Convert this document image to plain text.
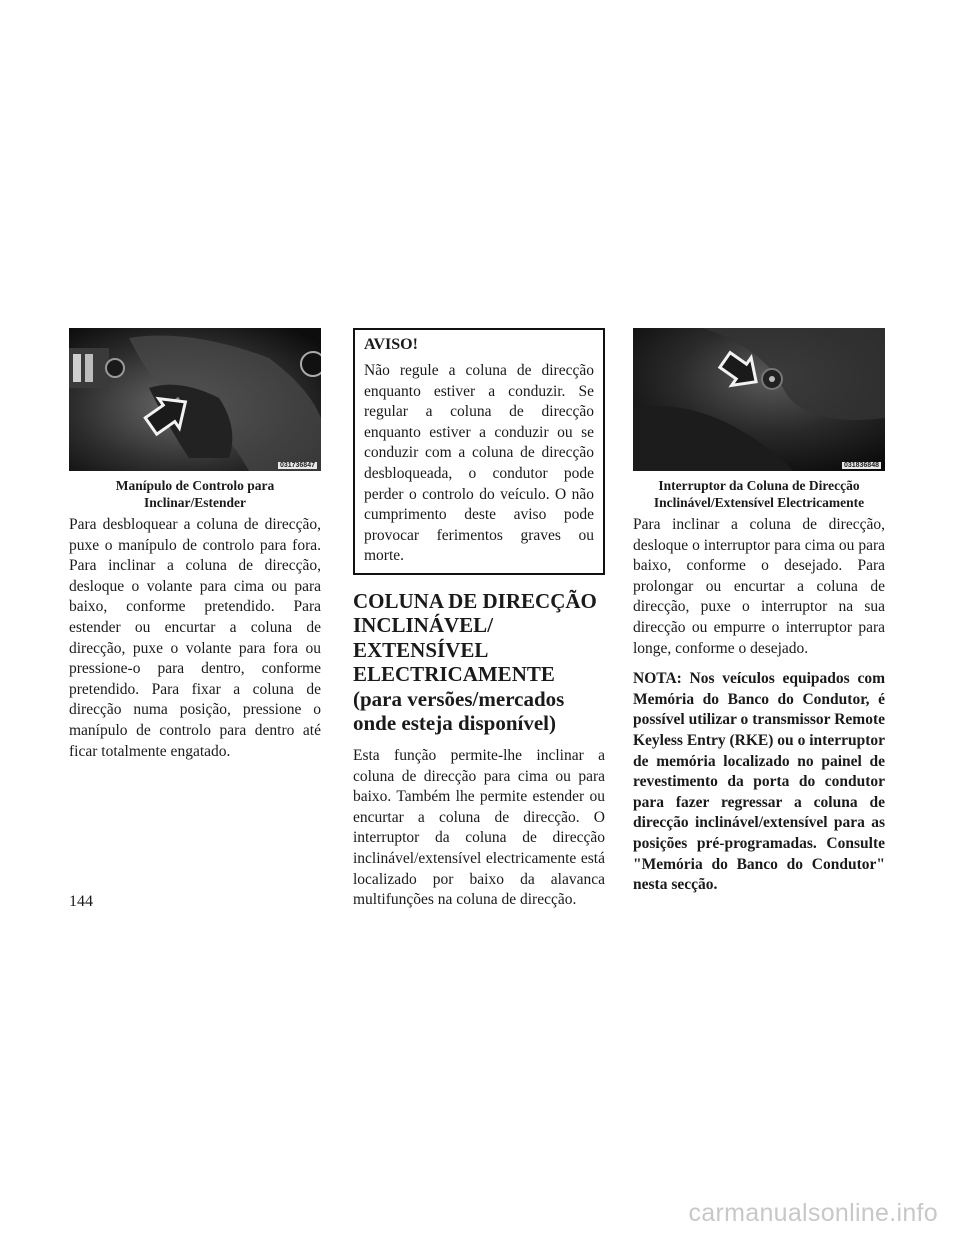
031736847
Manípulo de Controlo para Inclinar/Estender

Para desbloquear a coluna de direcção, puxe o manípulo de controlo para fora. Para inclinar a coluna de direcção, desloque o volante para cima ou para baixo, conforme pretendido. Para estender ou encurtar a coluna de direcção, puxe o volante para fora ou pressione-o para dentro, conforme pretendido. Para fixar a coluna de direcção numa posição, pressione o manípulo de controlo para dentro até ficar totalmente engatado.

AVISO!

Não regule a coluna de direcção enquanto estiver a conduzir. Se regular a coluna de direcção enquanto estiver a conduzir ou se conduzir com a coluna de direcção desbloqueada, o condutor pode perder o controlo do veículo. O não cumprimento deste aviso pode provocar ferimentos graves ou morte.

COLUNA DE DIRECÇÃO INCLINÁVEL/ EXTENSÍVEL ELECTRICAMENTE (para versões/mercados onde esteja disponível)

Esta função permite-lhe inclinar a coluna de direcção para cima ou para baixo. Também lhe permite estender ou encurtar a coluna de direcção. O interruptor da coluna de direcção inclinável/extensível electricamente está localizado por baixo da alavanca multifunções na coluna de direcção.

031836848
Interruptor da Coluna de Direcção Inclinável/Extensível Electricamente

Para inclinar a coluna de direcção, desloque o interruptor para cima ou para baixo, conforme o desejado. Para prolongar ou encurtar a coluna de direcção, puxe o interruptor na sua direcção ou empurre o interruptor para longe, conforme o desejado.

NOTA: Nos veículos equipados com Memória do Banco do Condutor, é possível utilizar o transmissor Remote Keyless Entry (RKE) ou o interruptor de memória localizado no painel de revestimento da porta do condutor para fazer regressar a coluna de direcção inclinável/extensível para as posições pré-programadas. Consulte "Memória do Banco do Condutor" nesta secção.

144
carmanualsonline.info
